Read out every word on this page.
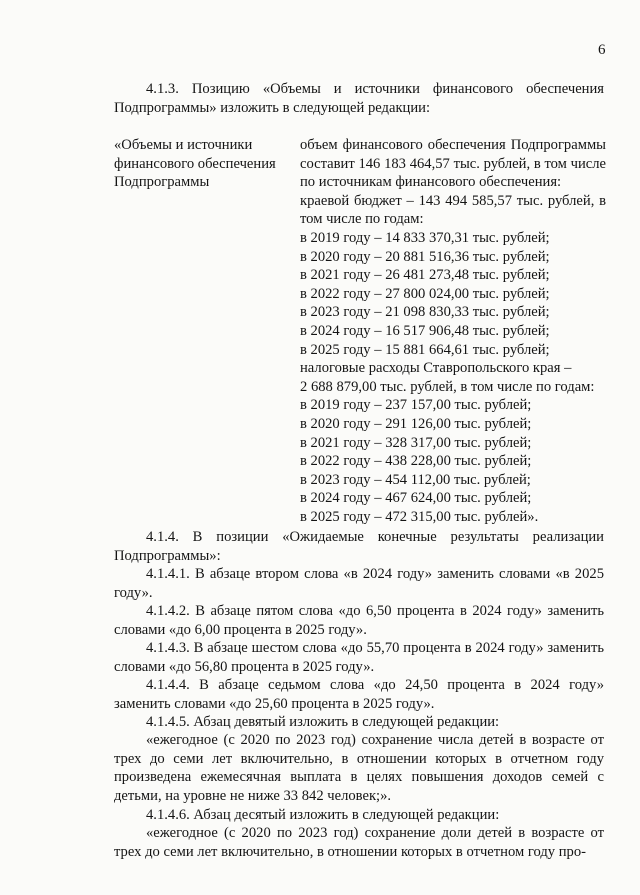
6
4.1.3. Позицию «Объемы и источники финансового обеспечения Подпрограммы» изложить в следующей редакции:
«Объемы и источники финансового обеспечения Подпрограммы
объем финансового обеспечения Подпрограммы составит 146 183 464,57 тыс. рублей, в том числе по источникам финансового обеспечения:
краевой бюджет – 143 494 585,57 тыс. рублей, в том числе по годам:
в 2019 году – 14 833 370,31 тыс. рублей;
в 2020 году – 20 881 516,36 тыс. рублей;
в 2021 году – 26 481 273,48 тыс. рублей;
в 2022 году – 27 800 024,00 тыс. рублей;
в 2023 году – 21 098 830,33 тыс. рублей;
в 2024 году – 16 517 906,48 тыс. рублей;
в 2025 году – 15 881 664,61 тыс. рублей;
налоговые расходы Ставропольского края –
2 688 879,00 тыс. рублей, в том числе по годам:
в 2019 году – 237 157,00 тыс. рублей;
в 2020 году – 291 126,00 тыс. рублей;
в 2021 году – 328 317,00 тыс. рублей;
в 2022 году – 438 228,00 тыс. рублей;
в 2023 году – 454 112,00 тыс. рублей;
в 2024 году – 467 624,00 тыс. рублей;
в 2025 году – 472 315,00 тыс. рублей».
4.1.4. В позиции «Ожидаемые конечные результаты реализации Подпрограммы»:
4.1.4.1. В абзаце втором слова «в 2024 году» заменить словами «в 2025 году».
4.1.4.2. В абзаце пятом слова «до 6,50 процента в 2024 году» заменить словами «до 6,00 процента в 2025 году».
4.1.4.3. В абзаце шестом слова «до 55,70 процента в 2024 году» заменить словами «до 56,80 процента в 2025 году».
4.1.4.4. В абзаце седьмом слова «до 24,50 процента в 2024 году» заменить словами «до 25,60 процента в 2025 году».
4.1.4.5. Абзац девятый изложить в следующей редакции:
«ежегодное (с 2020 по 2023 год) сохранение числа детей в возрасте от трех до семи лет включительно, в отношении которых в отчетном году произведена ежемесячная выплата в целях повышения доходов семей с детьми, на уровне не ниже 33 842 человек;».
4.1.4.6. Абзац десятый изложить в следующей редакции:
«ежегодное (с 2020 по 2023 год) сохранение доли детей в возрасте от трех до семи лет включительно, в отношении которых в отчетном году про-
